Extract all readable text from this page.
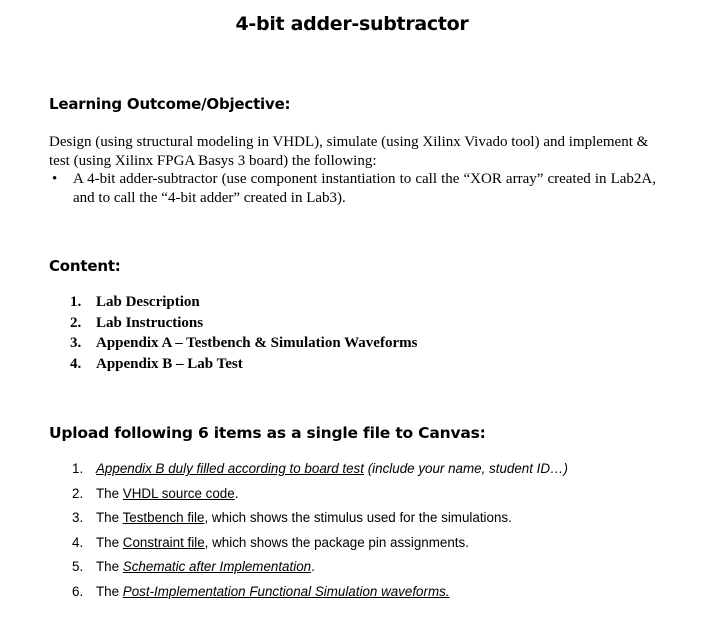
4-bit adder-subtractor
Learning Outcome/Objective:
Design (using structural modeling in VHDL), simulate (using Xilinx Vivado tool) and implement & test (using Xilinx FPGA Basys 3 board) the following:
• A 4-bit adder-subtractor (use component instantiation to call the “XOR array” created in Lab2A, and to call the “4-bit adder” created in Lab3).
Content:
1. Lab Description
2. Lab Instructions
3. Appendix A – Testbench & Simulation Waveforms
4. Appendix B – Lab Test
Upload following 6 items as a single file to Canvas:
1. Appendix B duly filled according to board test (include your name, student ID…)
2. The VHDL source code.
3. The Testbench file, which shows the stimulus used for the simulations.
4. The Constraint file, which shows the package pin assignments.
5. The Schematic after Implementation.
6. The Post-Implementation Functional Simulation waveforms.
